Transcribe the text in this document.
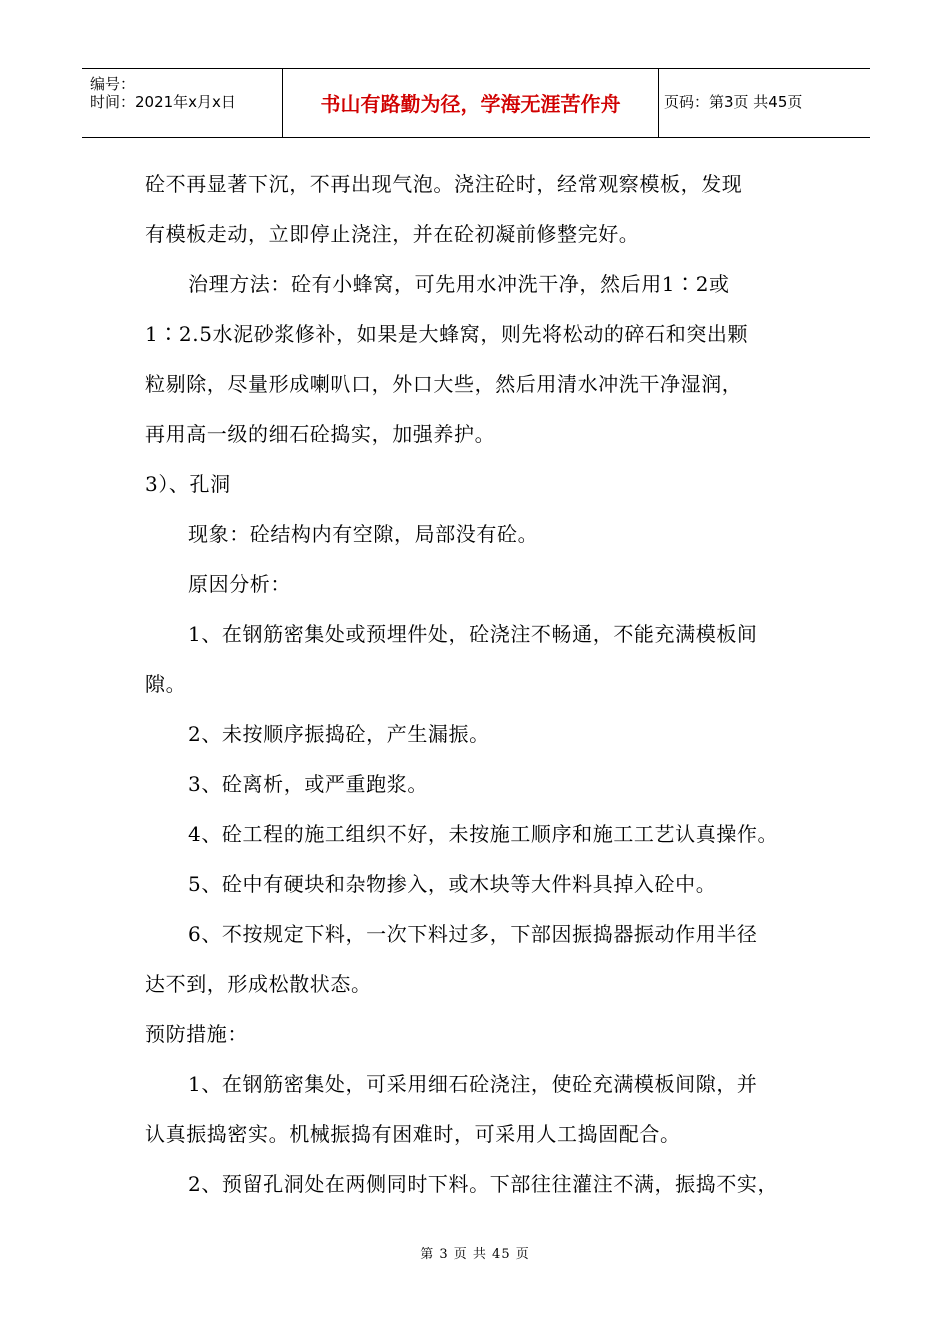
编号：
时间：2021年x月x日	书山有路勤为径，学海无涯苦作舟	页码：第3页 共45页
砼不再显著下沉，不再出现气泡。浇注砼时，经常观察模板，发现
有模板走动，立即停止浇注，并在砼初凝前修整完好。
治理方法：砼有小蜂窝，可先用水冲洗干净，然后用1∶2或
1∶2.5水泥砂浆修补，如果是大蜂窝，则先将松动的碎石和突出颗
粒剔除，尽量形成喇叭口，外口大些，然后用清水冲洗干净湿润，
再用高一级的细石砼捣实，加强养护。
3）、孔洞
现象：砼结构内有空隙，局部没有砼。
原因分析：
1、在钢筋密集处或预埋件处，砼浇注不畅通，不能充满模板间
隙。
2、未按顺序振捣砼，产生漏振。
3、砼离析，或严重跑浆。
4、砼工程的施工组织不好，未按施工顺序和施工工艺认真操作。
5、砼中有硬块和杂物掺入，或木块等大件料具掉入砼中。
6、不按规定下料，一次下料过多，下部因振捣器振动作用半径
达不到，形成松散状态。
预防措施：
1、在钢筋密集处，可采用细石砼浇注，使砼充满模板间隙，并
认真振捣密实。机械振捣有困难时，可采用人工捣固配合。
2、预留孔洞处在两侧同时下料。下部往往灌注不满，振捣不实，
第 3 页 共 45 页
